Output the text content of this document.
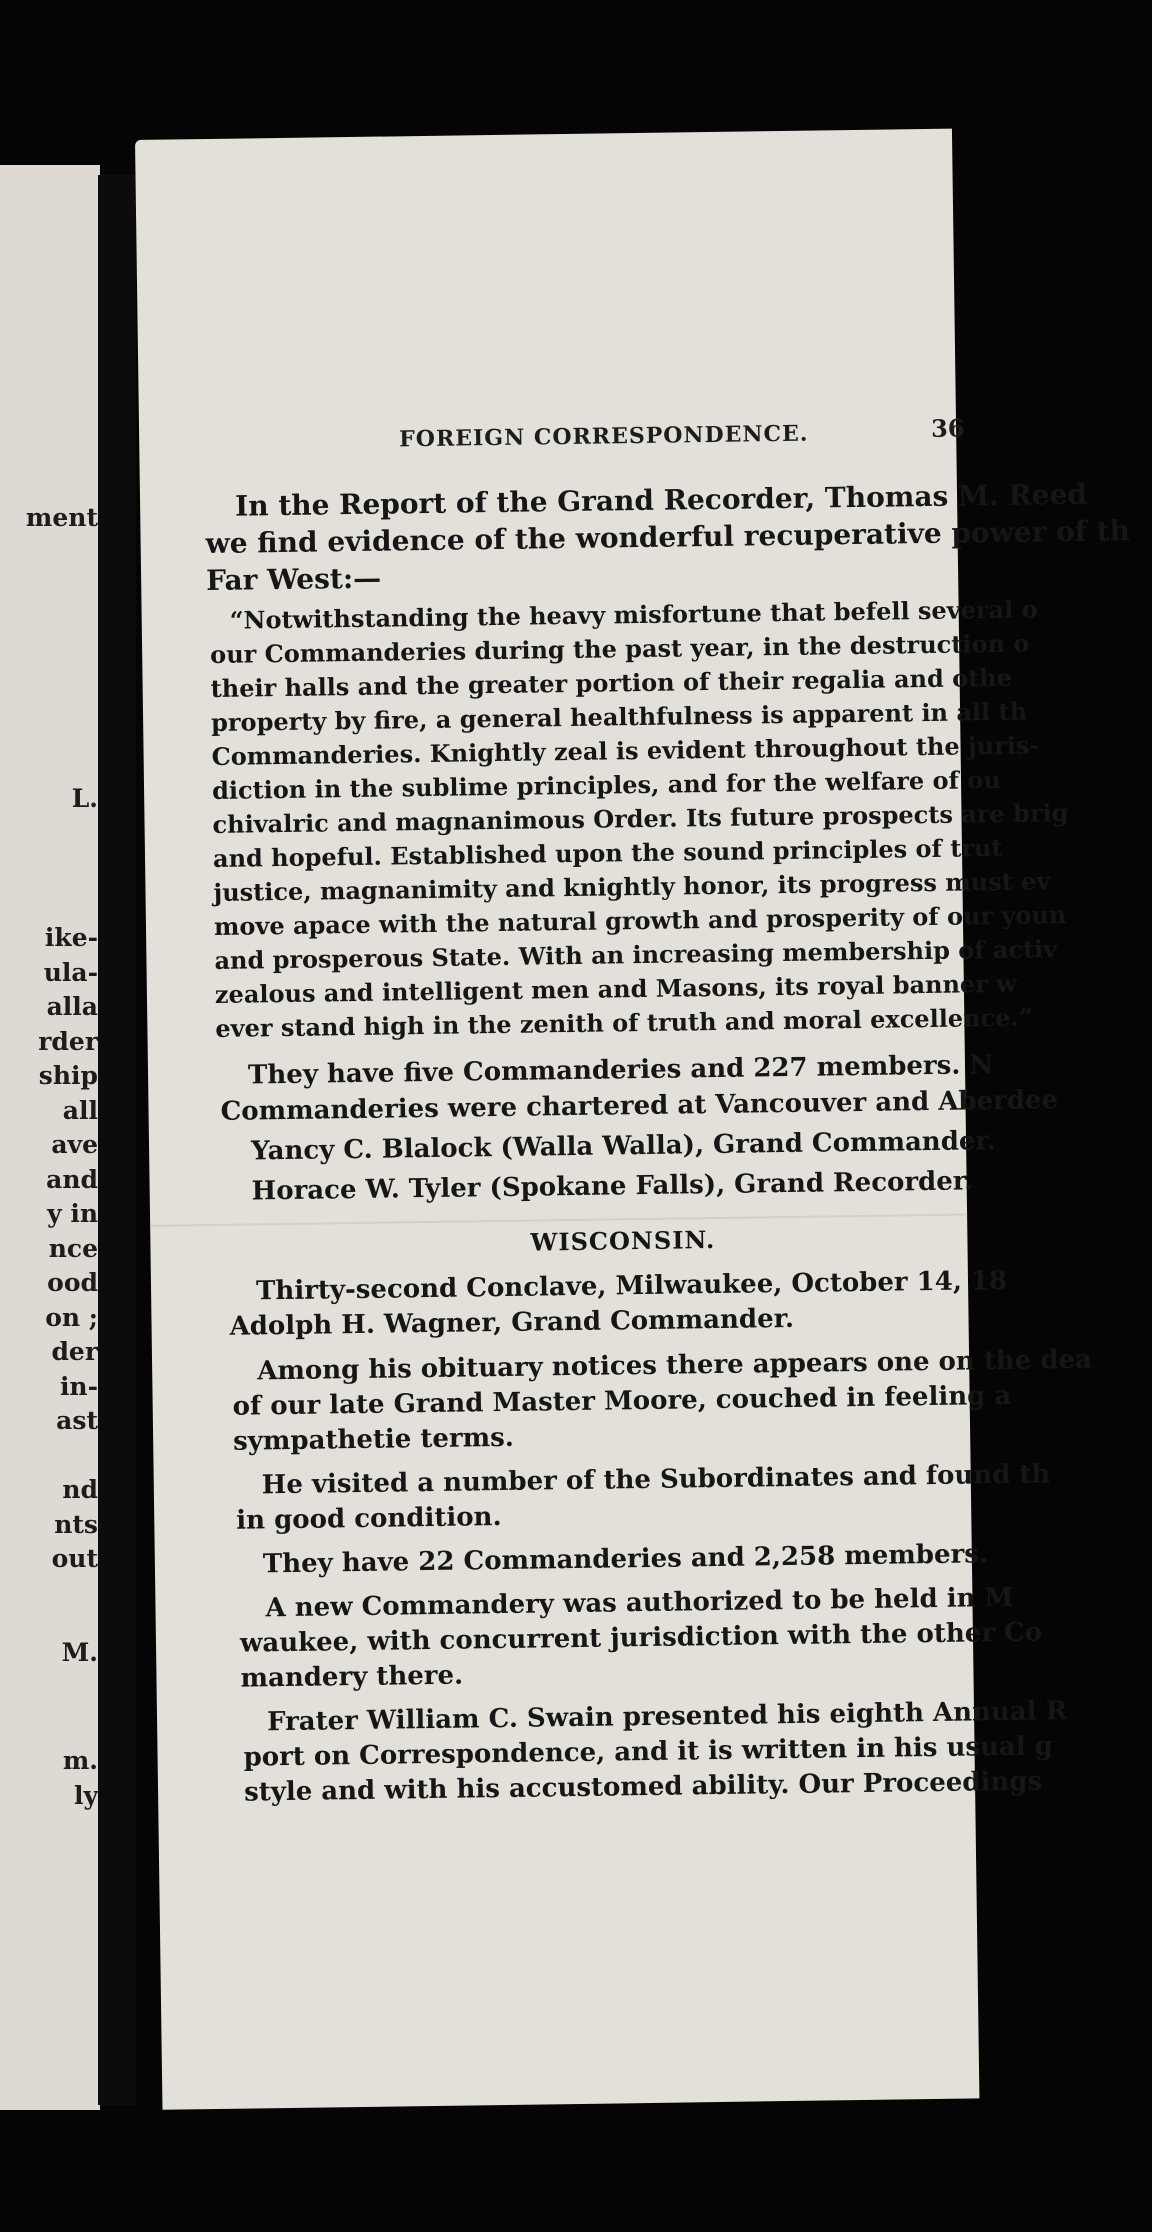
ment

L.

ike-

ula-

alla

rder

ship

all

ave

and

y in

nce

ood

on ;

der

in-

ast

nd

nts

out

M.

m.

ly

FOREIGN CORRESPONDENCE.	36

In the Report of the Grand Recorder, Thomas M. Reed

we find evidence of the wonderful recuperative power of th

Far West:—

“Notwithstanding the heavy misfortune that befell several o

our Commanderies during the past year, in the destruction o

their halls and the greater portion of their regalia and othe

property by fire, a general healthfulness is apparent in all th

Commanderies. Knightly zeal is evident throughout the juris-

diction in the sublime principles, and for the welfare of ou

chivalric and magnanimous Order. Its future prospects are brig

and hopeful. Established upon the sound principles of trut

justice, magnanimity and knightly honor, its progress must ev

move apace with the natural growth and prosperity of our youn

and prosperous State. With an increasing membership of activ

zealous and intelligent men and Masons, its royal banner w

ever stand high in the zenith of truth and moral excellence.”

They have five Commanderies and 227 members. N

Commanderies were chartered at Vancouver and Aberdee

Yancy C. Blalock (Walla Walla), Grand Commander.

Horace W. Tyler (Spokane Falls), Grand Recorder.

WISCONSIN.

Thirty-second Conclave, Milwaukee, October 14, 18

Adolph H. Wagner, Grand Commander.

Among his obituary notices there appears one on the dea

of our late Grand Master Moore, couched in feeling a

sympathetie terms.

He visited a number of the Subordinates and found th

in good condition.

They have 22 Commanderies and 2,258 members.

A new Commandery was authorized to be held in M

waukee, with concurrent jurisdiction with the other Co

mandery there.

Frater William C. Swain presented his eighth Annual R

port on Correspondence, and it is written in his usual g

style and with his accustomed ability. Our Proceedings
